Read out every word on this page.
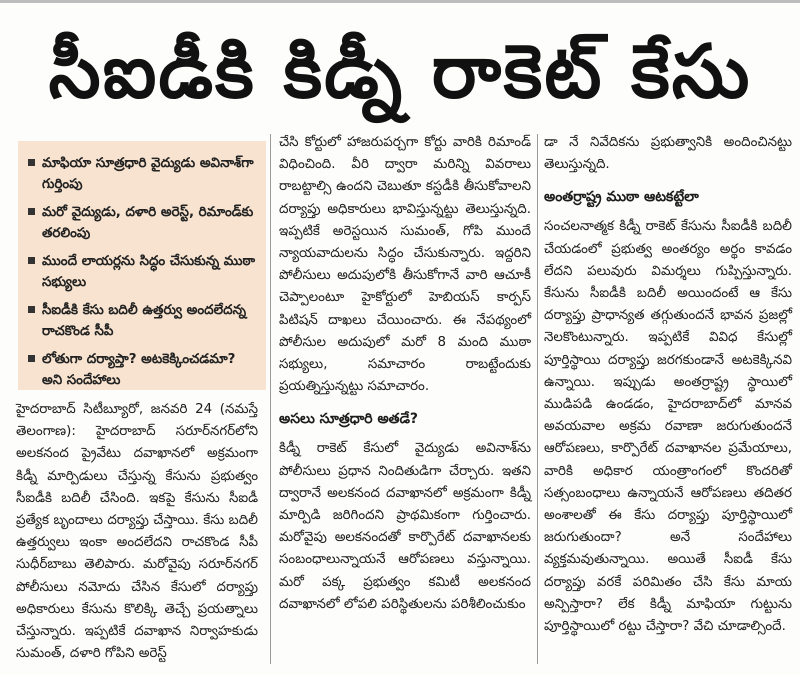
సీఐడీకి కిడ్నీ రాకెట్ కేసు
మాఫియా సూత్రధారి వైద్యుడు అవినాశ్‌గా గుర్తింపు
మరో వైద్యుడు, దళారి అరెస్ట్, రిమాండ్‌కు తరలింపు
ముందే లాయర్లను సిద్ధం చేసుకున్న ముఠా సభ్యులు
సీఐడీకి కేసు బదిలీ ఉత్తర్వు అందలేదన్న రాచకొండ సీపీ
లోతుగా దర్యాప్తా? అటకెక్కించడమా? అని సందేహాలు

హైదరాబాద్ సిటీబ్యూరో, జనవరి 24 (నమస్తే తెలంగాణ): హైదరాబాద్ సరూర్‌నగర్‌లోని అలకనంద ప్రైవేటు దవాఖానలో అక్రమంగా కిడ్నీ మార్పిడులు చేస్తున్న కేసును ప్రభుత్వం సీఐడీకి బదిలీ చేసింది. ఇకపై కేసును సీఐడీ ప్రత్యేక బృందాలు దర్యాప్తు చేస్తాయి. కేసు బదిలీ ఉత్తర్వులు ఇంకా అందలేదని రాచకొండ సీపీ సుధీర్‌బాబు తెలిపారు. మరోవైపు సరూర్‌నగర్ పోలీసులు నమోదు చేసిన కేసులో దర్యాప్తు అధికారులు కేసును కొలిక్కి తెచ్చే ప్రయత్నాలు చేస్తున్నారు. ఇప్పటికే దవాఖాన నిర్వాహకుడు సుమంత్, దళారి గోపిని అరెస్ట్

చేసి కోర్టులో హాజరుపర్చగా కోర్టు వారికి రిమాండ్ విధించింది. వీరి ద్వారా మరిన్ని వివరాలు రాబట్టాల్సి ఉందని చెబుతూ కస్టడీకి తీసుకోవాలని దర్యాప్తు అధికారులు భావిస్తున్నట్టు తెలుస్తున్నది. ఇప్పటికే అరెస్టయిన సుమంత్, గోపి ముందే న్యాయవాదులను సిద్ధం చేసుకున్నారు. ఇద్దరిని పోలీసులు అదుపులోకి తీసుకోగానే వారి ఆచూకీ చెప్పాలంటూ హైకోర్టులో హెబియస్ కార్పస్ పిటిషన్ దాఖలు చేయించారు. ఈ నేపథ్యంలో పోలీసుల అదుపులో మరో 8 మంది ముఠా సభ్యులు, సమాచారం రాబట్టేందుకు ప్రయత్నిస్తున్నట్టు సమాచారం.

అసలు సూత్రధారి అతడే?

కిడ్నీ రాకెట్ కేసులో వైద్యుడు అవినాశ్‌ను పోలీసులు ప్రధాన నిందితుడిగా చేర్చారు. ఇతని ద్వారానే అలకనంద దవాఖానలో అక్రమంగా కిడ్నీ మార్పిడి జరిగిందని ప్రాథమికంగా గుర్తించారు. మరోవైపు అలకనందతో కార్పొరేట్ దవాఖానలకు సంబంధాలున్నాయనే ఆరోపణలు వస్తున్నాయి. మరో పక్క ప్రభుత్వం కమిటీ అలకనంద దవాఖానలో లోపలి పరిస్థితులను పరిశీలించుకుం

డా నే నివేదికను ప్రభుత్వానికి అందించినట్టు తెలుస్తున్నది.

అంతర్రాష్ట్ర ముఠా ఆటకట్టేలా

సంచలనాత్మక కిడ్నీ రాకెట్ కేసును సీఐడీకి బదిలీ చేయడంలో ప్రభుత్వ అంతర్యం అర్థం కావడం లేదని పలువురు విమర్శలు గుప్పిస్తున్నారు. కేసును సీఐడీకి బదిలీ అయిందంటే ఆ కేసు దర్యాప్తు ప్రాధాన్యత తగ్గుతుందనే భావన ప్రజల్లో నెలకొంటున్నారు. ఇప్పటికే వివిధ కేసుల్లో పూర్తిస్థాయి దర్యాప్తు జరగకుండానే అటకెక్కినవి ఉన్నాయి. ఇప్పుడు అంతర్రాష్ట్ర స్థాయిలో ముడిపడి ఉండడం, హైదరాబాద్‌లో మానవ అవయవాల అక్రమ రవాణా జరుగుతుందనే ఆరోపణలు, కార్పొరేట్ దవాఖానల ప్రమేయాలు, వారికి అధికార యంత్రాంగంలో కొందరితో సత్సంబంధాలు ఉన్నాయనే ఆరోపణలు తదితర అంశాలతో ఈ కేసు దర్యాప్తు పూర్తిస్థాయిలో జరుగుతుందా? అనే సందేహాలు వ్యక్తమవుతున్నాయి. అయితే సీఐడీ కేసు దర్యాప్తు వరకే పరిమితం చేసి కేసు మాయ అన్పిస్తారా? లేక కిడ్నీ మాఫియా గుట్టును పూర్తిస్థాయిలో రట్టు చేస్తారా? వేచి చూడాల్సిందే.
